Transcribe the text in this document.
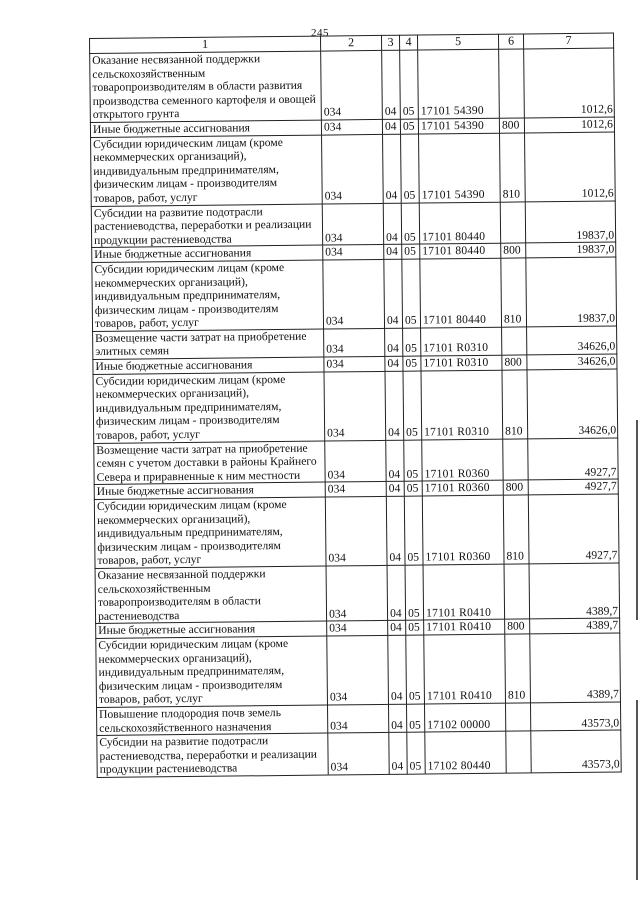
245
1	2	3	4	5	6	7
Оказание несвязанной поддержки сельскохозяйственным товаропроизводителям в области развития производства семенного картофеля и овощей открытого грунта	034	04	05	17101 54390		1012,6
Иные бюджетные ассигнования	034	04	05	17101 54390	800	1012,6
Субсидии юридическим лицам (кроме некоммерческих организаций), индивидуальным предпринимателям, физическим лицам - производителям товаров, работ, услуг	034	04	05	17101 54390	810	1012,6
Субсидии на развитие подотрасли растениеводства, переработки и реализации продукции растениеводства	034	04	05	17101 80440		19837,0
Иные бюджетные ассигнования	034	04	05	17101 80440	800	19837,0
Субсидии юридическим лицам (кроме некоммерческих организаций), индивидуальным предпринимателям, физическим лицам - производителям товаров, работ, услуг	034	04	05	17101 80440	810	19837,0
Возмещение части затрат на приобретение элитных семян	034	04	05	17101 R0310		34626,0
Иные бюджетные ассигнования	034	04	05	17101 R0310	800	34626,0
Субсидии юридическим лицам (кроме некоммерческих организаций), индивидуальным предпринимателям, физическим лицам - производителям товаров, работ, услуг	034	04	05	17101 R0310	810	34626,0
Возмещение части затрат на приобретение семян с учетом доставки в районы Крайнего Севера и приравненные к ним местности	034	04	05	17101 R0360		4927,7
Иные бюджетные ассигнования	034	04	05	17101 R0360	800	4927,7
Субсидии юридическим лицам (кроме некоммерческих организаций), индивидуальным предпринимателям, физическим лицам - производителям товаров, работ, услуг	034	04	05	17101 R0360	810	4927,7
Оказание несвязанной поддержки сельскохозяйственным товаропроизводителям в области растениеводства	034	04	05	17101 R0410		4389,7
Иные бюджетные ассигнования	034	04	05	17101 R0410	800	4389,7
Субсидии юридическим лицам (кроме некоммерческих организаций), индивидуальным предпринимателям, физическим лицам - производителям товаров, работ, услуг	034	04	05	17101 R0410	810	4389,7
Повышение плодородия почв земель сельскохозяйственного назначения	034	04	05	17102 00000		43573,0
Субсидии на развитие подотрасли растениеводства, переработки и реализации продукции растениеводства	034	04	05	17102 80440		43573,0
